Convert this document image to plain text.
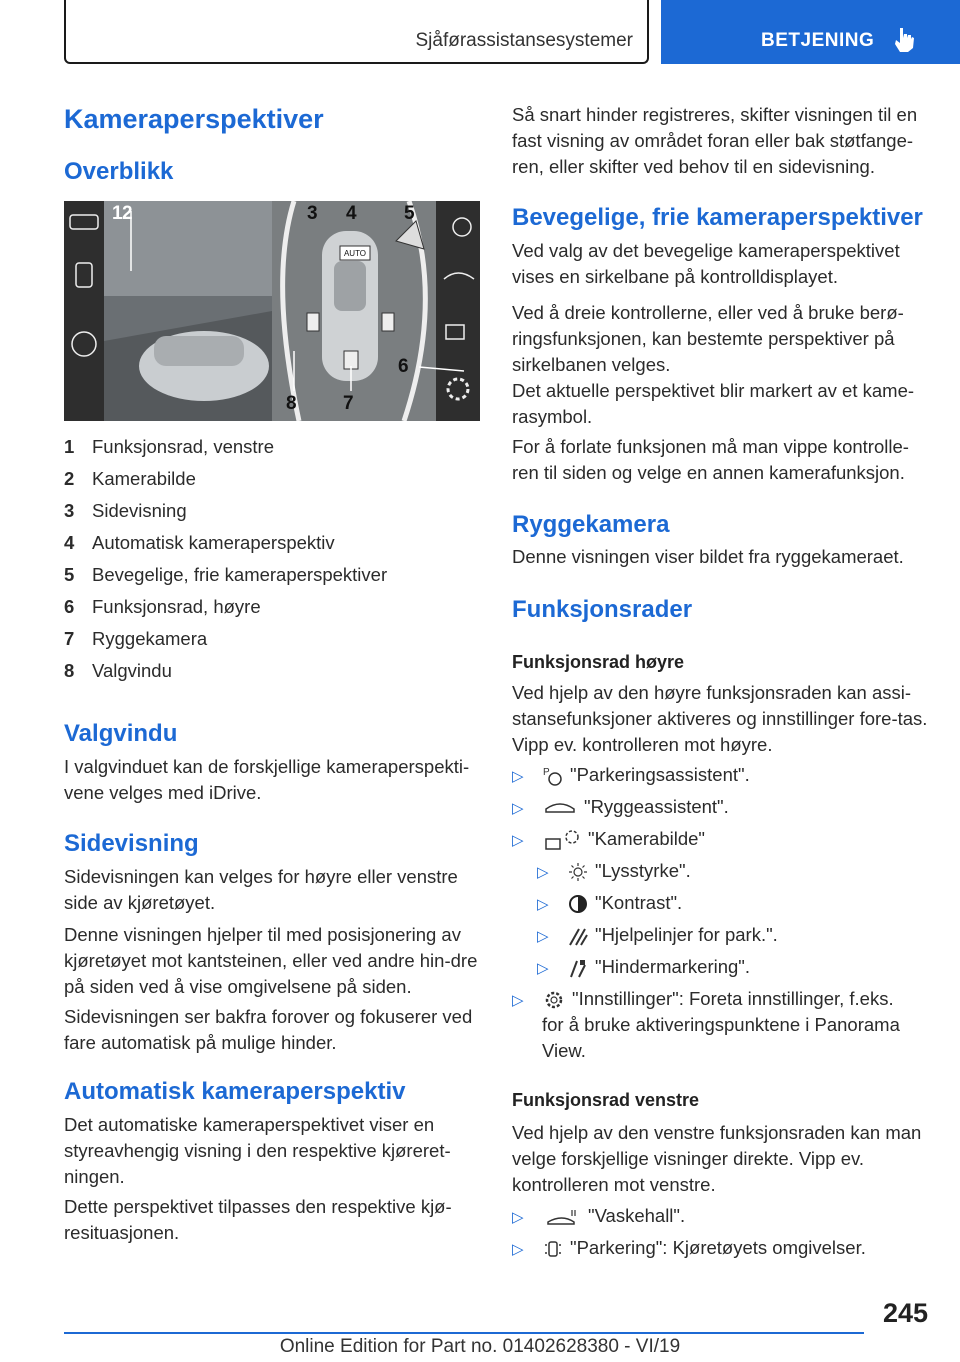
Sjåførassistansesystemer	BETJENING
Kameraperspektiver
Overblikk
AUTO
1 2	3 4 5
6
7
8
1 Funksjonsrad, venstre
2 Kamerabilde
3 Sidevisning
4 Automatisk kameraperspektiv
5 Bevegelige, frie kameraperspektiver
6 Funksjonsrad, høyre
7 Ryggekamera
8 Valgvindu
Valgvindu
I valgvinduet kan de forskjellige kameraperspekti-vene velges med iDrive.
Sidevisning
Sidevisningen kan velges for høyre eller venstre side av kjøretøyet.
Denne visningen hjelper til med posisjonering av kjøretøyet mot kantsteinen, eller ved andre hin-dre på siden ved å vise omgivelsene på siden.
Sidevisningen ser bakfra forover og fokuserer ved fare automatisk på mulige hinder.
Automatisk kameraperspektiv
Det automatiske kameraperspektivet viser en styreavhengig visning i den respektive kjøreret-ningen.
Dette perspektivet tilpasses den respektive kjø-resituasjonen.
Så snart hinder registreres, skifter visningen til en fast visning av området foran eller bak støtfange-ren, eller skifter ved behov til en sidevisning.
Bevegelige, frie kameraperspektiver
Ved valg av det bevegelige kameraperspektivet vises en sirkelbane på kontrolldisplayet.
Ved å dreie kontrollerne, eller ved å bruke berø-ringsfunksjonen, kan bestemte perspektiver på sirkelbanen velges.
Det aktuelle perspektivet blir markert av et kame-rasymbol.
For å forlate funksjonen må man vippe kontrolle-ren til siden og velge en annen kamerafunksjon.
Ryggekamera
Denne visningen viser bildet fra ryggekameraet.
Funksjonsrader
Funksjonsrad høyre
Ved hjelp av den høyre funksjonsraden kan assi-stansefunksjoner aktiveres og innstillinger fore-tas. Vipp ev. kontrolleren mot høyre.
▷ P "Parkeringsassistent".
▷	"Ryggeassistent".
▷	"Kamerabilde"
▷	"Lysstyrke".
▷	"Kontrast".
▷	"Hjelpelinjer for park.".
▷	"Hindermarkering".
▷	"Innstillinger": Foreta innstillinger, f.eks.
for å bruke aktiveringspunktene i Panorama
View.
Funksjonsrad venstre
Ved hjelp av den venstre funksjonsraden kan man velge forskjellige visninger direkte. Vipp ev. kontrolleren mot venstre.
▷	"Vaskehall".
▷	"Parkering": Kjøretøyets omgivelser.
245
Online Edition for Part no. 01402628380 - VI/19
